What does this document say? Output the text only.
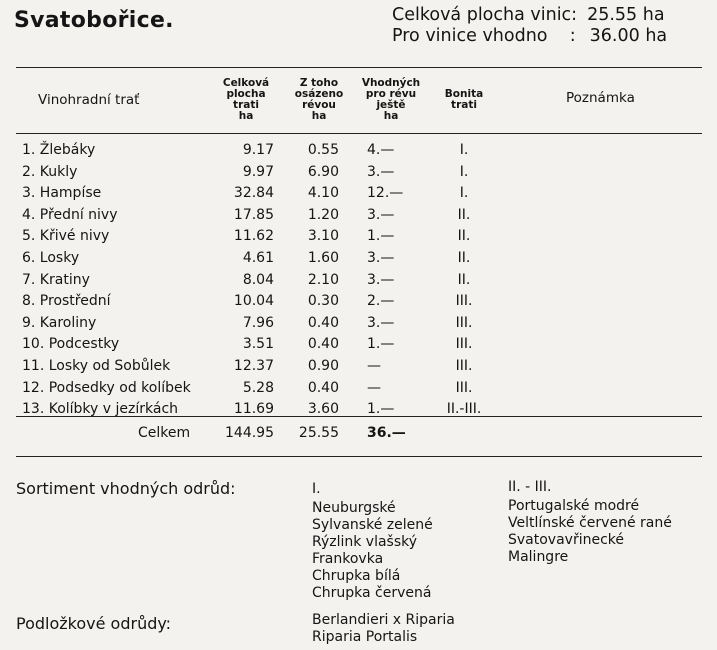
Svatobořice.	Celková plocha vinic: 25.55 ha
Pro vinice vhodno    : 36.00 ha
Vinohradní trať
Celková
plocha
trati
ha
Z toho
osázeno
révou
ha
Vhodných
pro révu
ještě
ha
Bonita
trati	Poznámka
1. Žlebáky	9.17	0.55 4.—	I.
2. Kukly	9.97	6.90 3.—	I.
3. Hampíse	32.84	4.10 12.—	I.
4. Přední nivy	17.85	1.20 3.—	II.
5. Křivé nivy	11.62	3.10 1.—	II.
6. Losky	4.61	1.60 3.—	II.
7. Kratiny	8.04	2.10 3.—	II.
8. Prostřední	10.04	0.30 2.—	III.
9. Karoliny	7.96	0.40 3.—	III.
10. Podcestky	3.51	0.40 1.—	III.
11. Losky od Sobůlek	12.37	0.90 —	III.
12. Podsedky od kolíbek	5.28	0.40 —	III.
13. Kolíbky v jezírkách	11.69	3.60 1.—	II.-III.
Celkem	144.95	25.55 36.—
Sortiment vhodných odrůd:	I.
Neuburgské
Sylvanské zelené
Rýzlink vlašský
Frankovka
Chrupka bílá
Chrupka červená
II. - III.
Portugalské modré
Veltlínské červené rané
Svatovavřinecké
Malingre
Podložkové odrůdy:	Berlandieri x Riparia
Riparia Portalis
